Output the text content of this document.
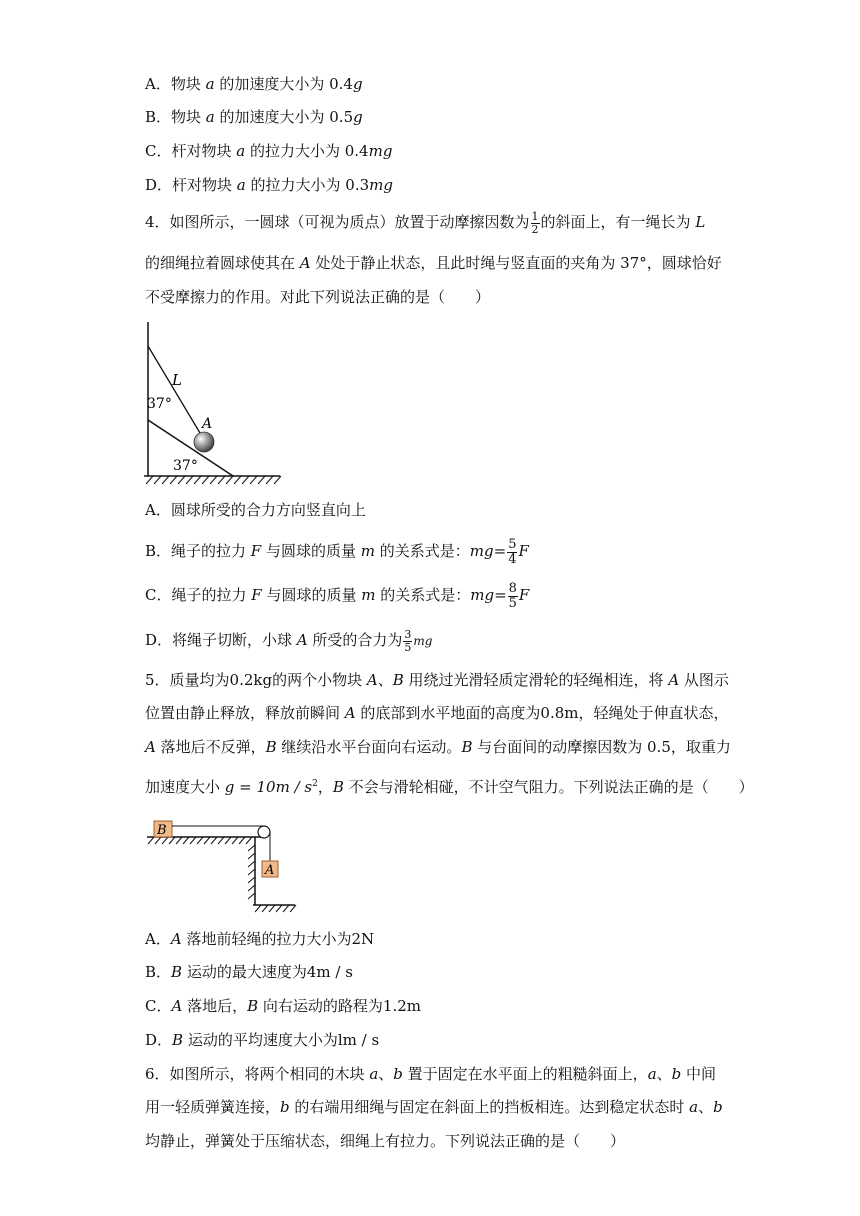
A．物块 a 的加速度大小为 0.4g
B．物块 a 的加速度大小为 0.5g
C．杆对物块 a 的拉力大小为 0.4mg
D．杆对物块 a 的拉力大小为 0.3mg
4．如图所示，一圆球（可视为质点）放置于动摩擦因数为 $\frac{1}{2}$ 的斜面上，有一绳长为 L
的细绳拉着圆球使其在 A 处处于静止状态，且此时绳与竖直面的夹角为 37°，圆球恰好
不受摩擦力的作用。对此下列说法正确的是（　　）
L
37°
A
37°
A．圆球所受的合力方向竖直向上
B．绳子的拉力 F 与圆球的质量 m 的关系式是：$mg= \frac{5}{4}$ F
C．绳子的拉力 F 与圆球的质量 m 的关系式是：$mg= \frac{8}{5}$ F
D．将绳子切断，小球 A 所受的合力为 $\frac{3}{5}$ mg
5．质量均为0.2kg的两个小物块 A、B 用绕过光滑轻质定滑轮的轻绳相连，将 A 从图示
位置由静止释放，释放前瞬间 A 的底部到水平地面的高度为0.8m，轻绳处于伸直状态，
A 落地后不反弹，B 继续沿水平台面向右运动。B 与台面间的动摩擦因数为 0.5，取重力
加速度大小 $g = 10m / s^2$，B 不会与滑轮相碰，不计空气阻力。下列说法正确的是（　　）
B
A
A．A 落地前轻绳的拉力大小为2N
B．B 运动的最大速度为4m / s
C．A 落地后，B 向右运动的路程为1.2m
D．B 运动的平均速度大小为lm / s
6．如图所示，将两个相同的木块 a、b 置于固定在水平面上的粗糙斜面上，a、b 中间
用一轻质弹簧连接，b 的右端用细绳与固定在斜面上的挡板相连。达到稳定状态时 a、b
均静止，弹簧处于压缩状态，细绳上有拉力。下列说法正确的是（　　）
